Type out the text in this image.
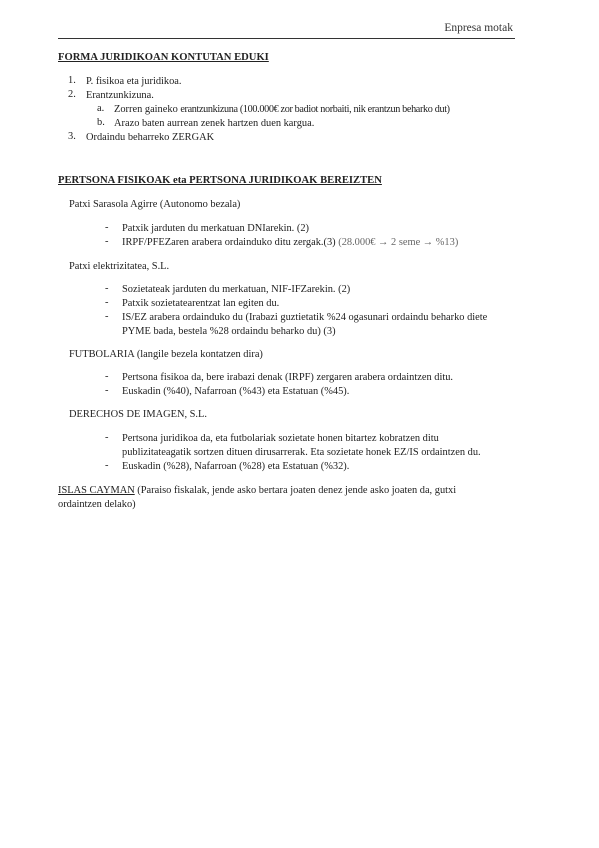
Enpresa motak
FORMA JURIDIKOAN KONTUTAN EDUKI
1. P. fisikoa eta juridikoa.
2. Erantzunkizuna.
a. Zorren gaineko erantzunkizuna (100.000€ zor badiot norbaiti, nik erantzun beharko dut)
b. Arazo baten aurrean zenek hartzen duen kargua.
3. Ordaindu beharreko ZERGAK
PERTSONA FISIKOAK eta PERTSONA JURIDIKOAK BEREIZTEN
Patxi Sarasola Agirre (Autonomo bezala)
- Patxik jarduten du merkatuan DNIarekin. (2)
- IRPF/PFEZaren arabera ordainduko ditu zergak.(3) (28.000€ → 2 seme → %13)
Patxi elektrizitatea, S.L.
- Sozietateak jarduten du merkatuan, NIF-IFZarekin. (2)
- Patxik sozietatearentzat lan egiten du.
- IS/EZ arabera ordainduko du (Irabazi guztietatik %24 ogasunari ordaindu beharko diete
PYME bada, bestela %28 ordaindu beharko du) (3)
FUTBOLARIA (langile bezela kontatzen dira)
- Pertsona fisikoa da, bere irabazi denak (IRPF) zergaren arabera ordaintzen ditu.
- Euskadin (%40), Nafarroan (%43) eta Estatuan (%45).
DERECHOS DE IMAGEN, S.L.
- Pertsona juridikoa da, eta futbolariak sozietate honen bitartez kobratzen ditu
publizitateagatik sortzen dituen dirusarrerak. Eta sozietate honek EZ/IS ordaintzen du.
- Euskadin (%28), Nafarroan (%28) eta Estatuan (%32).
ISLAS CAYMAN (Paraiso fiskalak, jende asko bertara joaten denez jende asko joaten da, gutxi
ordaintzen delako)
